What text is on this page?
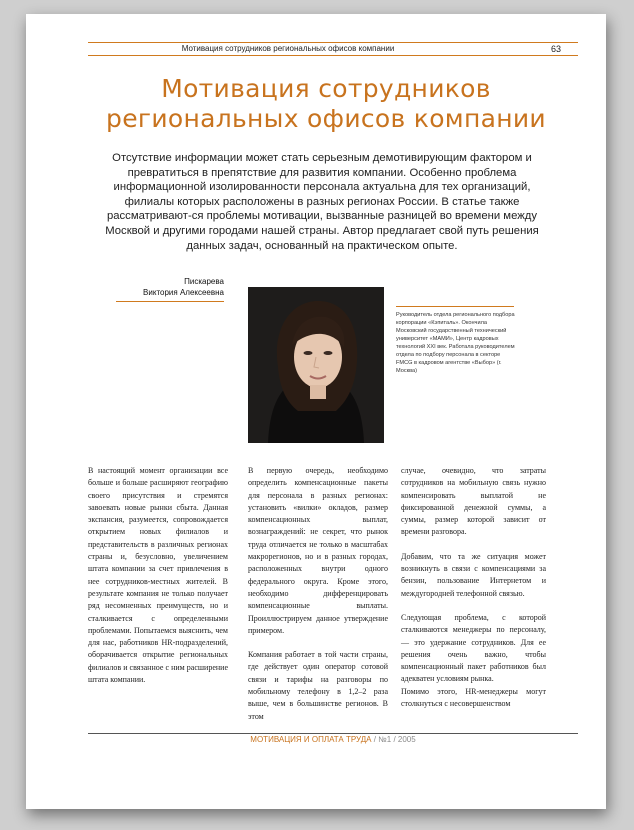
Мотивация сотрудников региональных офисов компании	63
Мотивация сотрудников
региональных офисов компании
Отсутствие информации может стать серьезным демотивирующим фактором и превратиться в препятствие для развития компании. Особенно проблема информационной изолированности персонала актуальна для тех организаций, филиалы которых расположены в разных регионах России. В статье также рассматривают-ся проблемы мотивации, вызванные разницей во времени между Москвой и другими городами нашей страны. Автор предлагает свой путь решения данных задач, основанный на практическом опыте.
Пискарева
Виктория Алексеевна
Руководитель отдела регионального подбора корпорации «Кэпиталь». Окончила Московский государственный технический университет «МАМИ», Центр кадровых технологий XXI век. Работала руководителем отдела по подбору персонала в секторе FMCG в кадровом агентстве «Выбор» (г. Москва)

В настоящий момент организации все больше и больше расширяют географию своего присутствия и стремятся завоевать новые рынки сбыта. Данная экспансия, разумеется, сопровождается открытием новых филиалов и представительств в различных регионах страны и, безусловно, увеличением штата компании за счет привлечения в нее сотрудников-местных жителей. В результате компания не только получает ряд несомненных преимуществ, но и сталкивается с определенными проблемами. Попытаемся выяснить, чем для нас, работников HR-подразделений, оборачивается открытие региональных филиалов и связанное с ним расширение штата компании.

В первую очередь, необходимо определить компенсационные пакеты для персонала в разных регионах: установить «вилки» окладов, размер компенсационных выплат, вознаграждений: не секрет, что рынок труда отличается не только в масштабах макрорегионов, но и в разных городах, расположенных внутри одного федерального округа. Кроме этого, необходимо дифференцировать компенсационные выплаты. Проиллюстрируем данное утверждение примером.

Компания работает в той части страны, где действует один оператор сотовой связи и тарифы на разговоры по мобильному телефону в 1,2–2 раза выше, чем в большинстве регионов. В этом

случае, очевидно, что затраты сотрудников на мобильную связь нужно компенсировать выплатой не фиксированной денежной суммы, а суммы, размер которой зависит от времени разговора.

Добавим, что та же ситуация может возникнуть в связи с компенсациями за бензин, пользование Интернетом и междугородней телефонной связью.

Следующая проблема, с которой сталкиваются менеджеры по персоналу, — это удержание сотрудников. Для ее решения очень важно, чтобы компенсационный пакет работников был адекватен условиям рынка.

Помимо этого, HR-менеджеры могут столкнуться с несовершенством

МОТИВАЦИЯ И ОПЛАТА ТРУДА / №1 / 2005
